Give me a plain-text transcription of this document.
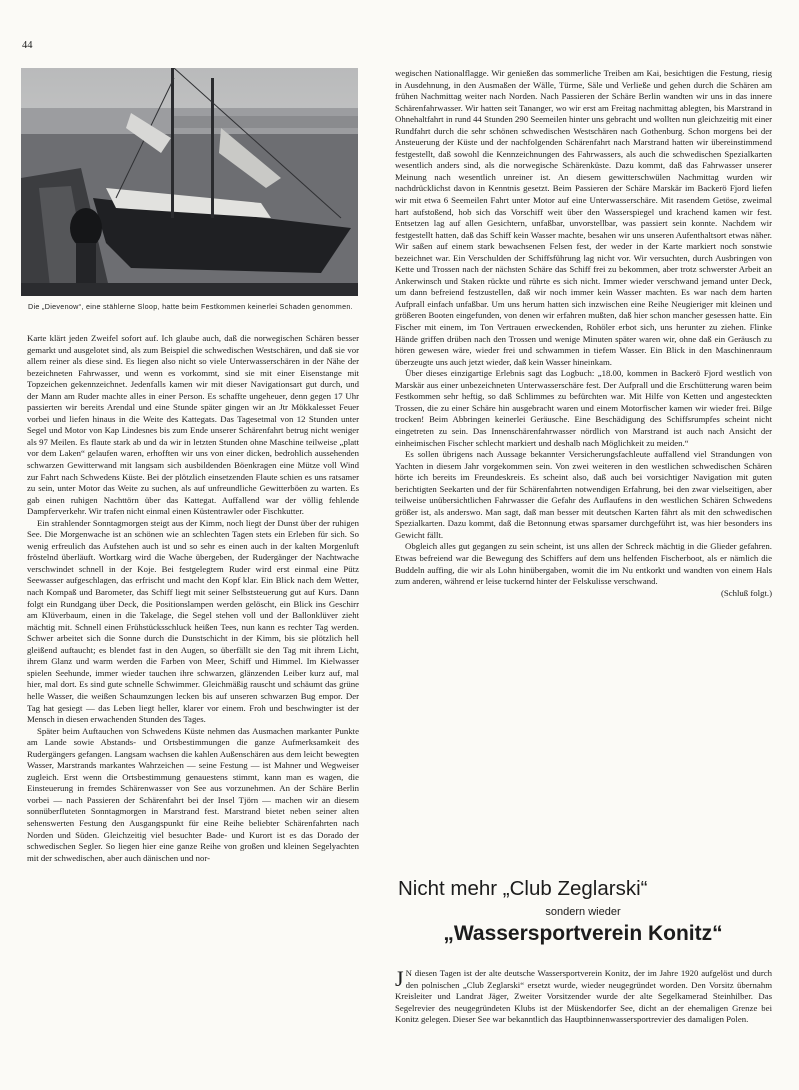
44
Die „Dievenow“, eine stählerne Sloop, hatte beim Festkommen keinerlei Schaden genommen.

Karte klärt jeden Zweifel sofort auf. Ich glaube auch, daß die norwegischen Schären besser gemarkt und ausgelotet sind, als zum Beispiel die schwedischen Westschären, und daß sie vor allem reiner als diese sind. Es liegen also nicht so viele Unterwasserschären in der Nähe der bezeichneten Fahrwasser, und wenn es vorkommt, sind sie mit einer Eisenstange mit Topzeichen gekennzeichnet. Jedenfalls kamen wir mit dieser Navigationsart gut durch, und der Mann am Ruder machte alles in einer Person. Es schaffte ungeheuer, denn gegen 17 Uhr passierten wir bereits Arendal und eine Stunde später gingen wir an Jtr Mökkalesset Feuer vorbei und liefen hinaus in die Weite des Kattegats. Das Tagesetmal von 12 Stunden unter Segel und Motor von Kap Lindesnes bis zum Ende unserer Schärenfahrt betrug nicht weniger als 97 Meilen. Es flaute stark ab und da wir in letzten Stunden ohne Maschine teilweise „platt vor dem Laken“ gelaufen waren, erhofften wir uns von einer dicken, bedrohlich aussehenden schwarzen Gewitterwand mit langsam sich ausbildenden Böenkragen eine Mütze voll Wind zur Fahrt nach Schwedens Küste. Bei der plötzlich einsetzenden Flaute schien es uns ratsamer zu sein, unter Motor das Weite zu suchen, als auf unfreundliche Gewitterböen zu warten. Es gab einen ruhigen Nachttörn über das Kattegat. Auffallend war der völlig fehlende Dampferverkehr. Wir trafen nicht einmal einen Küstentrawler oder Fischkutter.

Ein strahlender Sonntagmorgen steigt aus der Kimm, noch liegt der Dunst über der ruhigen See. Die Morgenwache ist an schönen wie an schlechten Tagen stets ein Erleben für sich. So wenig erfreulich das Aufstehen auch ist und so sehr es einen auch in der kalten Morgenluft fröstelnd überläuft. Wortkarg wird die Wache übergeben, der Rudergänger der Nachtwache verschwindet schnell in der Koje. Bei festgelegtem Ruder wird erst einmal eine Pütz Seewasser aufgeschlagen, das erfrischt und macht den Kopf klar. Ein Blick nach dem Wetter, nach Kompaß und Barometer, das Schiff liegt mit seiner Selbststeuerung gut auf Kurs. Dann folgt ein Rundgang über Deck, die Positionslampen werden gelöscht, ein Blick ins Geschirr am Klüverbaum, einen in die Takelage, die Segel stehen voll und der Ballonklüver zieht mächtig mit. Schnell einen Frühstücksschluck heißen Tees, nun kann es rechter Tag werden. Schwer arbeitet sich die Sonne durch die Dunstschicht in der Kimm, bis sie plötzlich hell gleißend auftaucht; es blendet fast in den Augen, so überfällt sie den Tag mit ihrem Licht, ihrem Glanz und warm werden die Farben von Meer, Schiff und Himmel. Im Kielwasser spielen Seehunde, immer wieder tauchen ihre schwarzen, glänzenden Leiber kurz auf, mal hier, mal dort. Es sind gute schnelle Schwimmer. Gleichmäßig rauscht und schäumt das grüne helle Wasser, die weißen Schaumzungen lecken bis auf unseren schwarzen Bug empor. Der Tag hat gesiegt — das Leben liegt heller, klarer vor einem. Froh und beschwingter ist der Mensch in diesen erwachenden Stunden des Tages.

Später beim Auftauchen von Schwedens Küste nehmen das Ausmachen markanter Punkte am Lande sowie Abstands- und Ortsbestimmungen die ganze Aufmerksamkeit des Rudergängers gefangen. Langsam wachsen die kahlen Außenschären aus dem leicht bewegten Wasser, Marstrands markantes Wahrzeichen — seine Festung — ist Mahner und Wegweiser zugleich. Erst wenn die Ortsbestimmung genauestens stimmt, kann man es wagen, die Einsteuerung in fremdes Schärenwasser von See aus vorzunehmen. An der Schäre Berlin vorbei — nach Passieren der Schärenfahrt bei der Insel Tjörn — machen wir an diesem sonnüberfluteten Sonntagmorgen in Marstrand fest. Marstrand bietet neben seiner alten sehenswerten Festung den Ausgangspunkt für eine Reihe beliebter Schärenfahrten nach Norden und Süden. Gleichzeitig viel besuchter Bade- und Kurort ist es das Dorado der schwedischen Segler. So liegen hier eine ganze Reihe von großen und kleinen Segelyachten mit der schwedischen, aber auch dänischen und nor-

wegischen Nationalflagge. Wir genießen das sommerliche Treiben am Kai, besichtigen die Festung, riesig in Ausdehnung, in den Ausmaßen der Wälle, Türme, Säle und Verließe und gehen durch die Schären am frühen Nachmittag weiter nach Norden. Nach Passieren der Schäre Berlin wandten wir uns in das innere Schärenfahrwasser. Wir hatten seit Tananger, wo wir erst am Freitag nachmittag ablegten, bis Marstrand in Ohnehaltfahrt in rund 44 Stunden 290 Seemeilen hinter uns gebracht und wollten nun gleichzeitig mit einer Rundfahrt durch die sehr schönen schwedischen Westschären nach Gothenburg. Schon morgens bei der Ansteuerung der Küste und der nachfolgenden Schärenfahrt nach Marstrand hatten wir übereinstimmend festgestellt, daß sowohl die Kennzeichnungen des Fahrwassers, als auch die schwedischen Spezialkarten wesentlich anders sind, als die norwegische Schärenküste. Dazu kommt, daß das Fahrwasser unserer Meinung nach wesentlich unreiner ist. An diesem gewitterschwülen Nachmittag wurden wir nachdrücklichst davon in Kenntnis gesetzt. Beim Passieren der Schäre Marskär im Backerö Fjord liefen wir mit etwa 6 Seemeilen Fahrt unter Motor auf eine Unterwasserschäre. Mit rasendem Getöse, zweimal hart aufstoßend, hob sich das Vorschiff weit über den Wasserspiegel und krachend kamen wir fest. Entsetzen lag auf allen Gesichtern, unfaßbar, unvorstellbar, was passiert sein konnte. Nachdem wir festgestellt hatten, daß das Schiff kein Wasser machte, besahen wir uns unseren Aufenthaltsort etwas näher. Wir saßen auf einem stark bewachsenen Felsen fest, der weder in der Karte markiert noch sonstwie bezeichnet war. Ein Verschulden der Schiffsführung lag nicht vor. Wir versuchten, durch Ausbringen von Kette und Trossen nach der nächsten Schäre das Schiff frei zu bekommen, aber trotz schwerster Arbeit an Ankerwinsch und Staken rückte und rührte es sich nicht. Immer wieder verschwand jemand unter Deck, um dann befreiend festzustellen, daß wir noch immer kein Wasser machten. Es war nach dem harten Aufprall einfach unfaßbar. Um uns herum hatten sich inzwischen eine Reihe Neugieriger mit kleinen und größeren Booten eingefunden, von denen wir erfahren mußten, daß hier schon mancher gesessen hatte. Ein Fischer mit einem, im Ton Vertrauen erweckenden, Rohöler erbot sich, uns herunter zu ziehen. Flinke Hände griffen drüben nach den Trossen und wenige Minuten später waren wir, ohne daß ein Geräusch zu hören gewesen wäre, wieder frei und schwammen in tiefem Wasser. Ein Blick in den Maschinenraum überzeugte uns auch jetzt wieder, daß kein Wasser hineinkam.

Über dieses einzigartige Erlebnis sagt das Logbuch: „18.00, kommen in Backerö Fjord westlich von Marskär aus einer unbezeichneten Unterwasserschäre fest. Der Aufprall und die Erschütterung waren beim Festkommen sehr heftig, so daß Schlimmes zu befürchten war. Mit Hilfe von Ketten und angesteckten Trossen, die zu einer Schäre hin ausgebracht waren und einem Motorfischer kamen wir wieder frei. Bilge trocken! Beim Abbringen keinerlei Geräusche. Eine Beschädigung des Schiffsrumpfes scheint nicht eingetreten zu sein. Das Innenschärenfahrwasser nördlich von Marstrand ist auch nach Ansicht der einheimischen Fischer schlecht markiert und deshalb nach Möglichkeit zu meiden.“

Es sollen übrigens nach Aussage bekannter Versicherungsfachleute auffallend viel Strandungen von Yachten in diesem Jahr vorgekommen sein. Von zwei weiteren in den westlichen schwedischen Schären hörte ich bereits im Freundeskreis. Es scheint also, daß auch bei vorsichtiger Navigation mit guten berichtigten Seekarten und der für Schärenfahrten notwendigen Erfahrung, bei den zwar vielseitigen, aber teilweise unübersichtlichen Fahrwasser die Gefahr des Auflaufens in den westlichen Schären Schwedens größer ist, als anderswo. Man sagt, daß man besser mit deutschen Karten fährt als mit den schwedischen Spezialkarten. Dazu kommt, daß die Betonnung etwas sparsamer durchgeführt ist, was hier besonders ins Gewicht fällt.

Obgleich alles gut gegangen zu sein scheint, ist uns allen der Schreck mächtig in die Glieder gefahren. Etwas befreiend war die Bewegung des Schiffers auf dem uns helfenden Fischerboot, als er nämlich die Buddeln auffing, die wir als Lohn hinübergaben, womit die im Nu entkorkt und wandten von einem Hals zum anderen, während er leise tuckernd hinter der Felskulisse verschwand.

(Schluß folgt.)

Nicht mehr „Club Zeglarski“
sondern wieder
„Wassersportverein Konitz“

J N diesen Tagen ist der alte deutsche Wassersportverein Konitz, der im Jahre 1920 aufgelöst und durch den polnischen „Club Zeglarski“ ersetzt wurde, wieder neugegründet worden. Den Vorsitz übernahm Kreisleiter und Landrat Jäger, Zweiter Vorsitzender wurde der alte Segelkamerad Steinhilber. Das Segelrevier des neugegründeten Klubs ist der Müskendorfer See, dicht an der ehemaligen Grenze bei Konitz gelegen. Dieser See war bekanntlich das Hauptbinnenwassersportrevier des damaligen Polen.
